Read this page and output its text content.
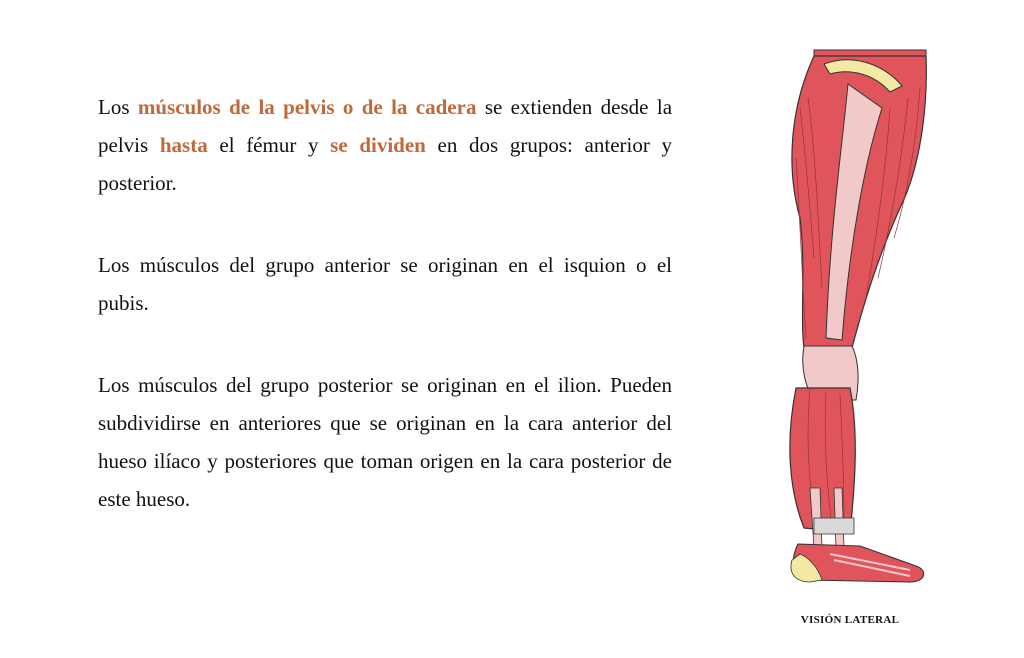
Los músculos de la pelvis o de la cadera se extienden desde la pelvis hasta el fémur y se dividen en dos grupos: anterior y posterior.

Los músculos del grupo anterior se originan en el isquion o el pubis.

Los músculos del grupo posterior se originan en el ilion. Pueden subdividirse en anteriores que se originan en la cara anterior del hueso ilíaco y posteriores que toman origen en la cara posterior de este hueso.

VISIÓN LATERAL
